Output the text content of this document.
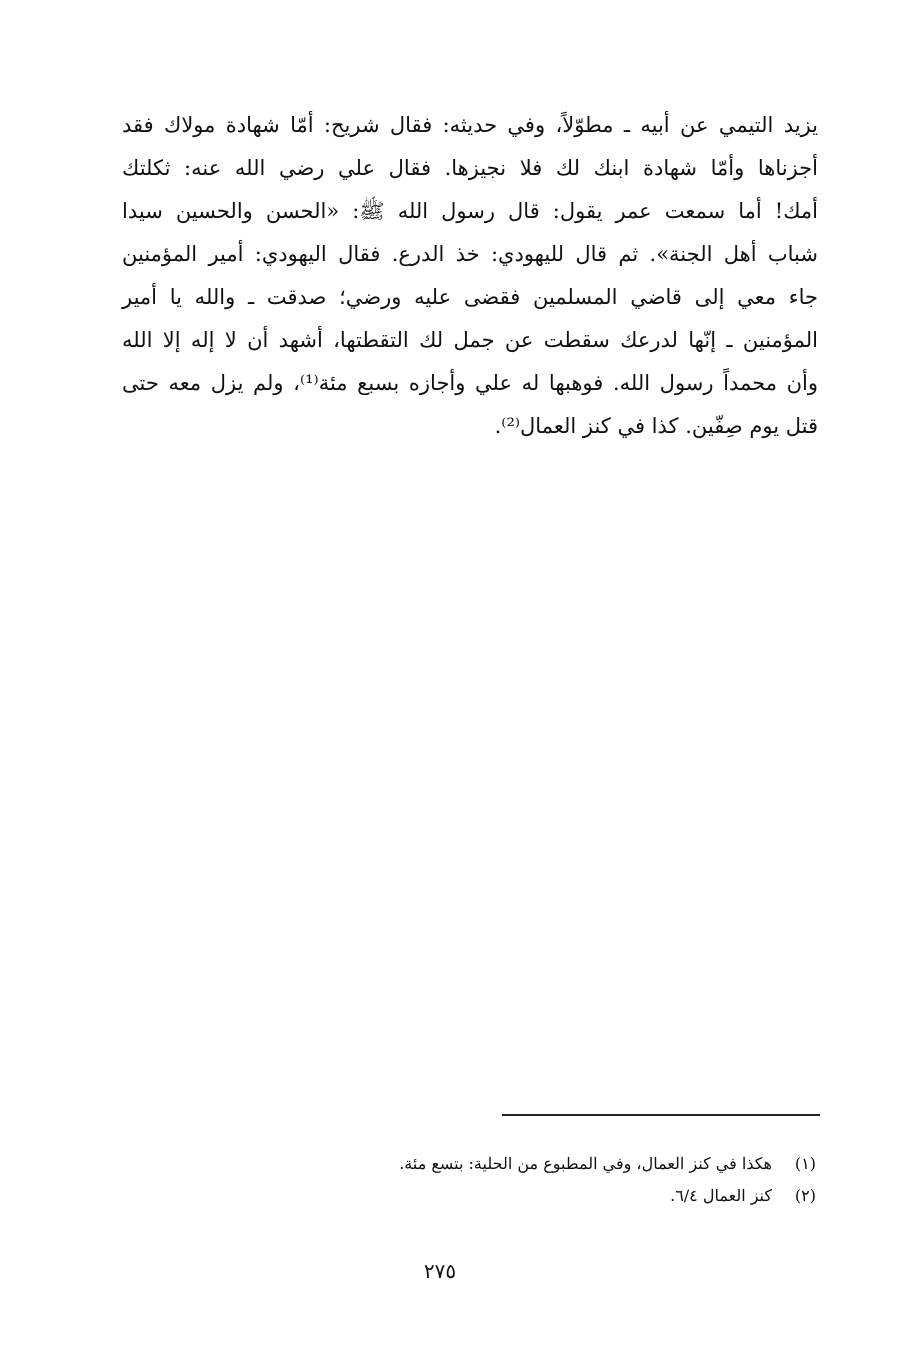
يزيد التيمي عن أبيه ـ مطوّلاً، وفي حديثه: فقال شريح: أمّا شهادة مولاك فقد
أجزناها وأمّا شهادة ابنك لك فلا نجيزها. فقال علي رضي الله عنه: ثكلتك
أمك! أما سمعت عمر يقول: قال رسول الله ﷺ: «الحسن والحسين سيدا
شباب أهل الجنة». ثم قال لليهودي: خذ الدرع. فقال اليهودي: أمير المؤمنين
جاء معي إلى قاضي المسلمين فقضى عليه ورضي؛ صدقت ـ والله يا أمير
المؤمنين ـ إنّها لدرعك سقطت عن جمل لك التقطتها، أشهد أن لا إله إلا الله
وأن محمداً رسول الله. فوهبها له علي وأجازه بسبع مئة⁽¹⁾، ولم يزل معه حتى
قتل يوم صِفّين. كذا في كنز العمال⁽²⁾.
(١)هكذا في كنز العمال، وفي المطبوع من الحلية: بتسع مئة.
(٢)كنز العمال ٦/٤.
٢٧٥
